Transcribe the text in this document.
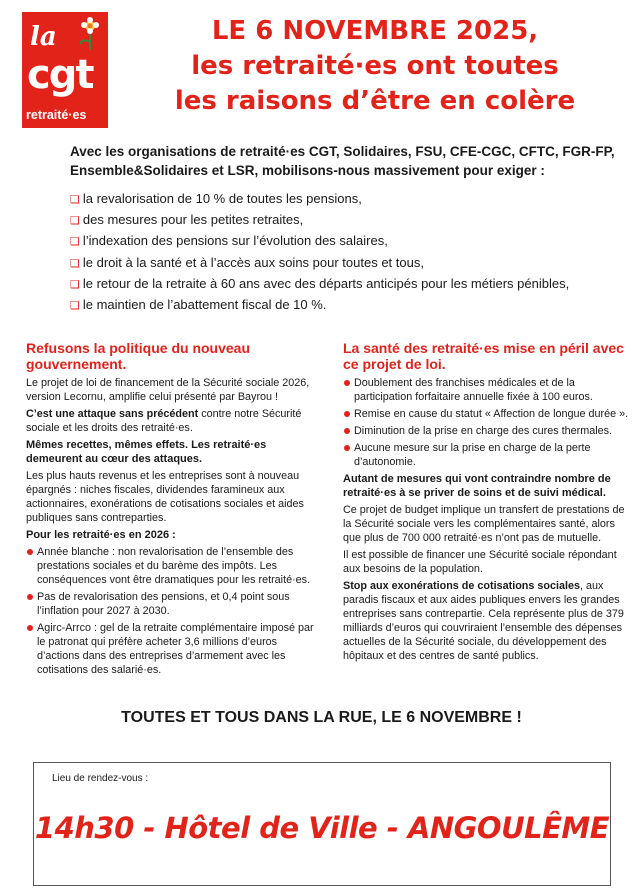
la
cgt
retraité·es
LE 6 NOVEMBRE 2025,
les retraité·es ont toutes
les raisons d’être en colère

Avec les organisations de retraité·es CGT, Solidaires, FSU, CFE-CGC, CFTC, FGR-FP, Ensemble&Solidaires et LSR, mobilisons-nous massivement pour exiger :

❏ la revalorisation de 10 % de toutes les pensions,
❏ des mesures pour les petites retraites,
❏ l’indexation des pensions sur l’évolution des salaires,
❏ le droit à la santé et à l’accès aux soins pour toutes et tous,
❏ le retour de la retraite à 60 ans avec des départs anticipés pour les métiers pénibles,
❏ le maintien de l’abattement fiscal de 10 %.
Refusons la politique du nouveau gouvernement.

Le projet de loi de financement de la Sécurité sociale 2026, version Lecornu, amplifie celui présenté par Bayrou !

C’est une attaque sans précédent contre notre Sécurité sociale et les droits des retraité·es.

Mêmes recettes, mêmes effets. Les retraité·es demeurent au cœur des attaques.

Les plus hauts revenus et les entreprises sont à nouveau épargnés : niches fiscales, dividendes faramineux aux actionnaires, exonérations de cotisations sociales et aides publiques sans contreparties.

Pour les retraité·es en 2026 :

Année blanche : non revalorisation de l’ensemble des prestations sociales et du barème des impôts. Les conséquences vont être dramatiques pour les retraité·es.
Pas de revalorisation des pensions, et 0,4 point sous l’inflation pour 2027 à 2030.
Agirc-Arrco : gel de la retraite complémentaire imposé par le patronat qui préfère acheter 3,6 millions d’euros d’actions dans des entreprises d’armement avec les cotisations des salarié·es.
La santé des retraité·es mise en péril avec ce projet de loi.
Doublement des franchises médicales et de la participation forfaitaire annuelle fixée à 100 euros.
Remise en cause du statut « Affection de longue durée ».
Diminution de la prise en charge des cures thermales.
Aucune mesure sur la prise en charge de la perte d’autonomie.

Autant de mesures qui vont contraindre nombre de retraité·es à se priver de soins et de suivi médical.

Ce projet de budget implique un transfert de prestations de la Sécurité sociale vers les complémentaires santé, alors que plus de 700 000 retraité·es n’ont pas de mutuelle.

Il est possible de financer une Sécurité sociale répondant aux besoins de la population.

Stop aux exonérations de cotisations sociales, aux paradis fiscaux et aux aides publiques envers les grandes entreprises sans contrepartie. Cela représente plus de 379 milliards d’euros qui couvriraient l’ensemble des dépenses actuelles de la Sécurité sociale, du développement des hôpitaux et des centres de santé publics.

TOUTES ET TOUS DANS LA RUE, LE 6 NOVEMBRE !
Lieu de rendez-vous :
14h30 - Hôtel de Ville - ANGOULÊME
